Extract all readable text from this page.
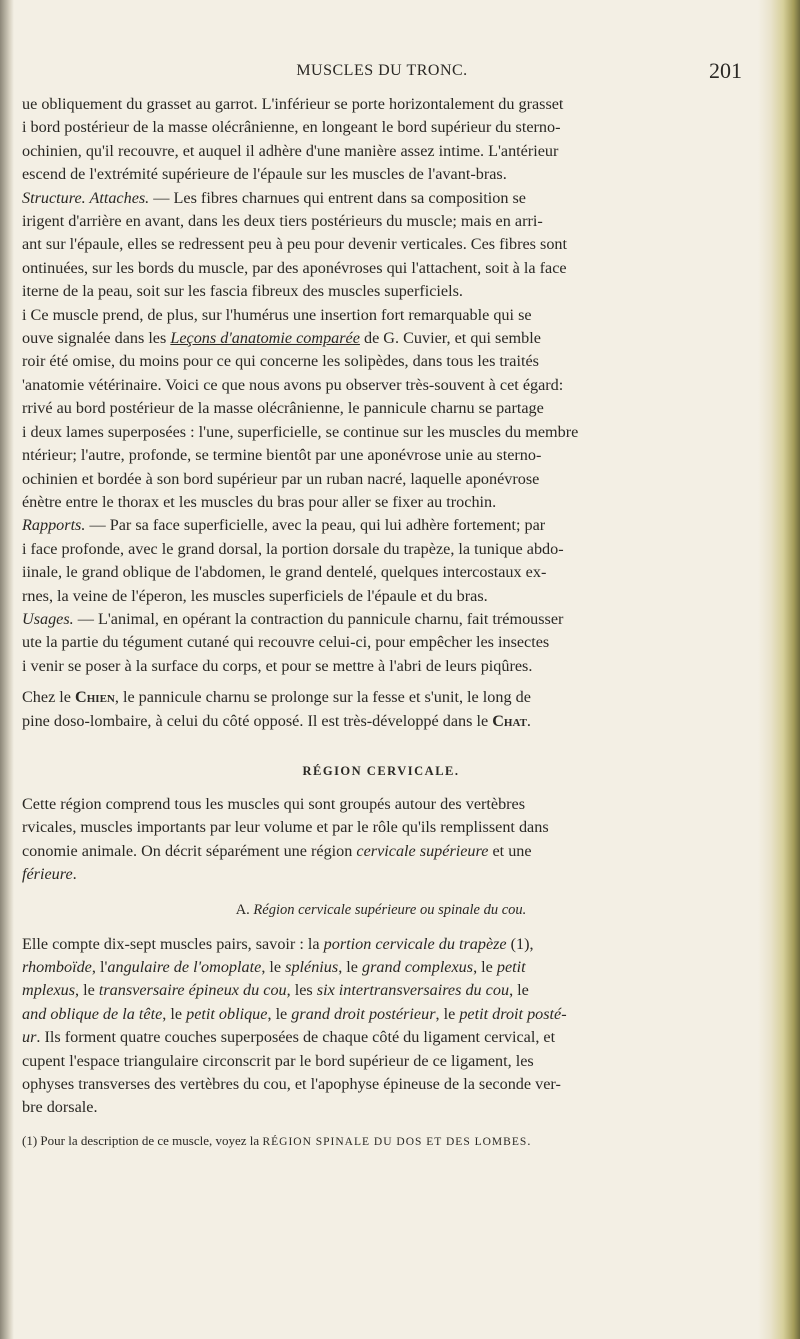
MUSCLES DU TRONC.	201
ue obliquement du grasset au garrot. L'inférieur se porte horizontalement du grasset
i bord postérieur de la masse olécrânienne, en longeant le bord supérieur du sterno-
ochinien, qu'il recouvre, et auquel il adhère d'une manière assez intime. L'antérieur
escend de l'extrémité supérieure de l'épaule sur les muscles de l'avant-bras.
Structure. Attaches. — Les fibres charnues qui entrent dans sa composition se
irigent d'arrière en avant, dans les deux tiers postérieurs du muscle; mais en arri-
ant sur l'épaule, elles se redressent peu à peu pour devenir verticales. Ces fibres sont
ontinuées, sur les bords du muscle, par des aponévroses qui l'attachent, soit à la face
iterne de la peau, soit sur les fascia fibreux des muscles superficiels.
i Ce muscle prend, de plus, sur l'humérus une insertion fort remarquable qui se
ouve signalée dans les Leçons d'anatomie comparée de G. Cuvier, et qui semble
roir été omise, du moins pour ce qui concerne les solipèdes, dans tous les traités
'anatomie vétérinaire. Voici ce que nous avons pu observer très-souvent à cet égard:
rrivé au bord postérieur de la masse olécrânienne, le pannicule charnu se partage
i deux lames superposées : l'une, superficielle, se continue sur les muscles du membre
ntérieur; l'autre, profonde, se termine bientôt par une aponévrose unie au sterno-
ochinien et bordée à son bord supérieur par un ruban nacré, laquelle aponévrose
énètre entre le thorax et les muscles du bras pour aller se fixer au trochin.
Rapports. — Par sa face superficielle, avec la peau, qui lui adhère fortement; par
i face profonde, avec le grand dorsal, la portion dorsale du trapèze, la tunique abdo-
iinale, le grand oblique de l'abdomen, le grand dentelé, quelques intercostaux ex-
rnes, la veine de l'éperon, les muscles superficiels de l'épaule et du bras.
Usages. — L'animal, en opérant la contraction du pannicule charnu, fait trémousser
ute la partie du tégument cutané qui recouvre celui-ci, pour empêcher les insectes
i venir se poser à la surface du corps, et pour se mettre à l'abri de leurs piqûres.
Chez le Chien, le pannicule charnu se prolonge sur la fesse et s'unit, le long de
pine doso-lombaire, à celui du côté opposé. Il est très-développé dans le Chat.
RÉGION CERVICALE.
Cette région comprend tous les muscles qui sont groupés autour des vertèbres
rvicales, muscles importants par leur volume et par le rôle qu'ils remplissent dans
conomie animale. On décrit séparément une région cervicale supérieure et une
férieure.
A. Région cervicale supérieure ou spinale du cou.
Elle compte dix-sept muscles pairs, savoir : la portion cervicale du trapèze (1),
rhomboïde, l'angulaire de l'omoplate, le splénius, le grand complexus, le petit
mplexus, le transversaire épineux du cou, les six intertransversaires du cou, le
and oblique de la tête, le petit oblique, le grand droit postérieur, le petit droit posté-
ur. Ils forment quatre couches superposées de chaque côté du ligament cervical, et
cupent l'espace triangulaire circonscrit par le bord supérieur de ce ligament, les
ophyses transverses des vertèbres du cou, et l'apophyse épineuse de la seconde ver-
bre dorsale.
(1) Pour la description de ce muscle, voyez la RÉGION SPINALE DU DOS ET DES LOMBES.
